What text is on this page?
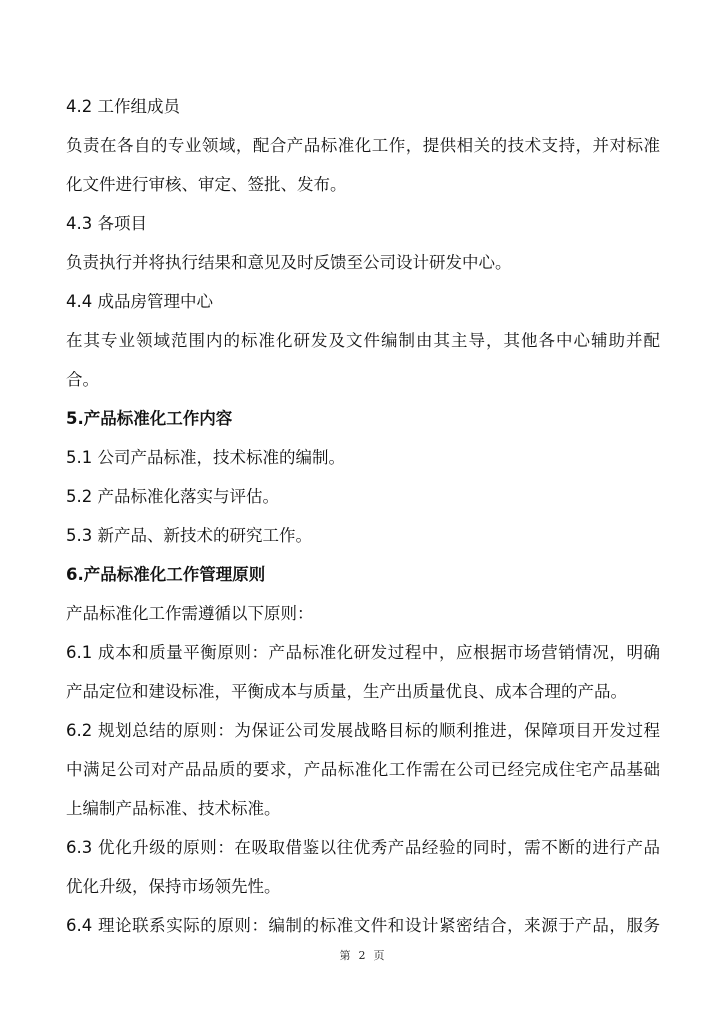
4.2 工作组成员
负责在各自的专业领域，配合产品标准化工作，提供相关的技术支持，并对标准
化文件进行审核、审定、签批、发布。
4.3 各项目
负责执行并将执行结果和意见及时反馈至公司设计研发中心。
4.4 成品房管理中心
在其专业领域范围内的标准化研发及文件编制由其主导，其他各中心辅助并配
合。
5.产品标准化工作内容
5.1 公司产品标准，技术标准的编制。
5.2 产品标准化落实与评估。
5.3 新产品、新技术的研究工作。
6.产品标准化工作管理原则
产品标准化工作需遵循以下原则：
6.1 成本和质量平衡原则：产品标准化研发过程中，应根据市场营销情况，明确
产品定位和建设标准，平衡成本与质量，生产出质量优良、成本合理的产品。
6.2 规划总结的原则：为保证公司发展战略目标的顺利推进，保障项目开发过程
中满足公司对产品品质的要求，产品标准化工作需在公司已经完成住宅产品基础
上编制产品标准、技术标准。
6.3 优化升级的原则：在吸取借鉴以往优秀产品经验的同时，需不断的进行产品
优化升级，保持市场领先性。
6.4 理论联系实际的原则：编制的标准文件和设计紧密结合，来源于产品，服务
第 2 页
